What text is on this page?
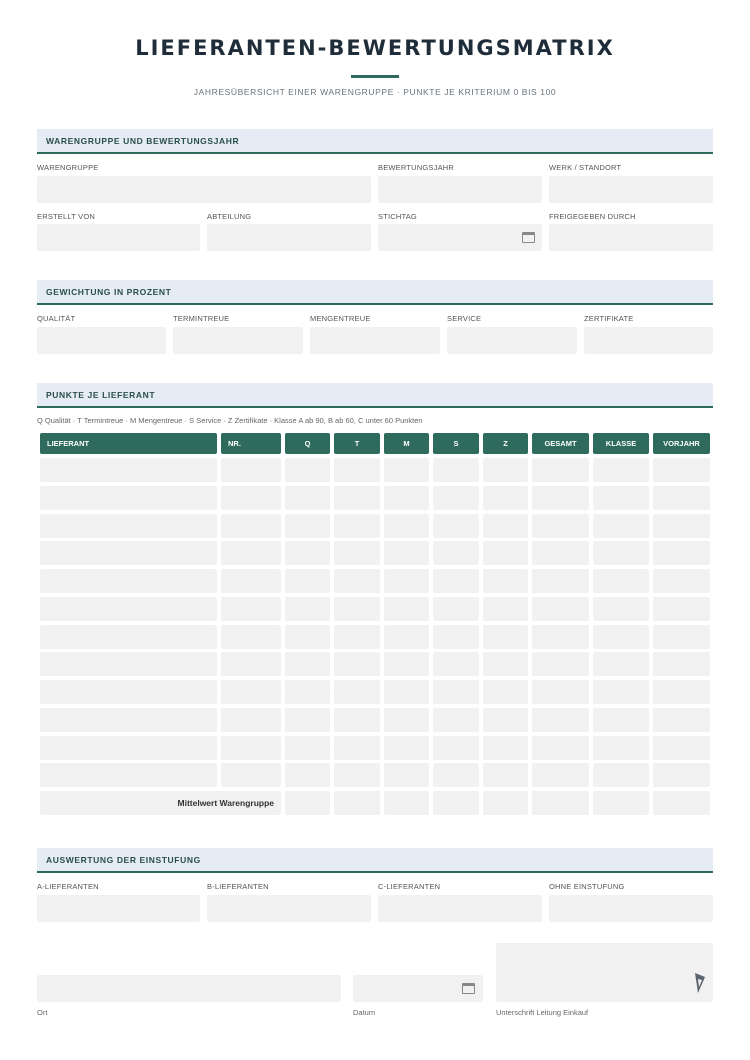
LIEFERANTEN-BEWERTUNGSMATRIX
JAHRESÜBERSICHT EINER WARENGRUPPE · PUNKTE JE KRITERIUM 0 BIS 100
WARENGRUPPE UND BEWERTUNGSJAHR
WARENGRUPPE	BEWERTUNGSJAHR	WERK / STANDORT
ERSTELLT VON	ABTEILUNG	STICHTAG	FREIGEGEBEN DURCH
GEWICHTUNG IN PROZENT
QUALITÄT	TERMINTREUE	MENGENTREUE	SERVICE	ZERTIFIKATE
PUNKTE JE LIEFERANT
Q Qualität · T Termintreue · M Mengentreue · S Service · Z Zertifikate · Klasse A ab 90, B ab 60, C unter 60 Punkten
LIEFERANT	NR.	Q	T	M	S	Z	GESAMT	KLASSE	VORJAHR
Mittelwert Warengruppe
AUSWERTUNG DER EINSTUFUNG
A-LIEFERANTEN	B-LIEFERANTEN	C-LIEFERANTEN	OHNE EINSTUFUNG
Ort	Datum	Unterschrift Leitung Einkauf
